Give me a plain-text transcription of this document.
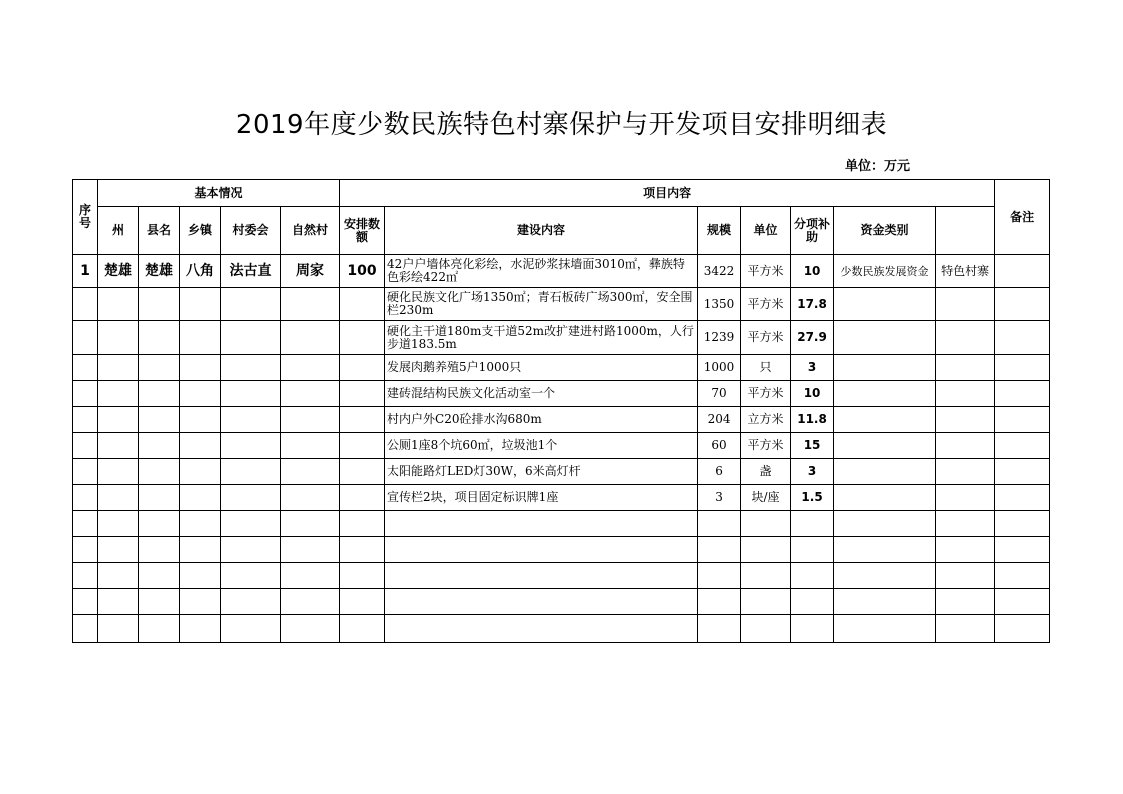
2019年度少数民族特色村寨保护与开发项目安排明细表
单位：万元
序号	基本情况					项目内容							备注	
	州	县名	乡镇	村委会	自然村	安排数额	建设内容	规模	单位	分项补助	资金类别			
1	楚雄	楚雄	八角	法古直	周家	100	42户户墙体亮化彩绘，水泥砂浆抹墙面3010㎡，彝族特色彩绘422㎡	3422	平方米	10	少数民族发展资金	特色村寨		
							硬化民族文化广场1350㎡；青石板砖广场300㎡，安全围栏230m	1350	平方米	17.8				
							硬化主干道180m支干道52m改扩建进村路1000m，人行步道183.5m	1239	平方米	27.9				
							发展肉鹅养殖5户1000只	1000	只	3				
							建砖混结构民族文化活动室一个	70	平方米	10				
							村内户外C20砼排水沟680m	204	立方米	11.8				
							公厕1座8个坑60㎡，垃圾池1个	60	平方米	15				
							太阳能路灯LED灯30W，6米高灯杆	6	盏	3				
							宣传栏2块，项目固定标识牌1座	3	块/座	1.5				
